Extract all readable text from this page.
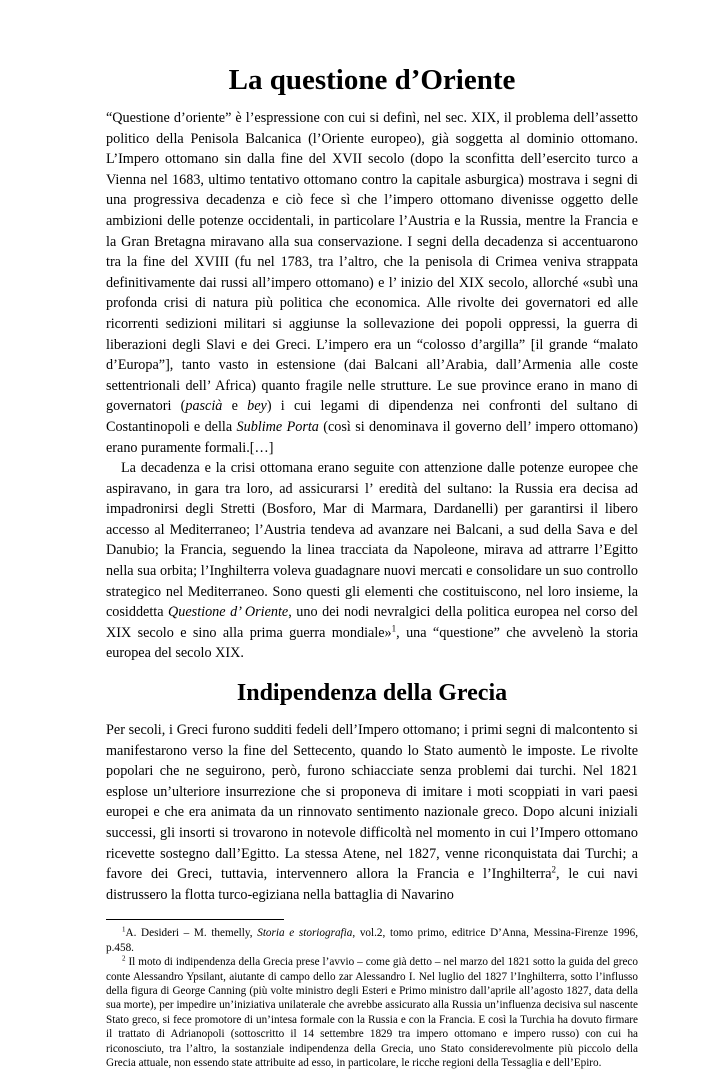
La questione d’Oriente

“Questione d’oriente” è l’espressione con cui si definì, nel sec. XIX, il problema dell’assetto politico della Penisola Balcanica (l’Oriente europeo), già soggetta al dominio ottomano. L’Impero ottomano sin dalla fine del XVII secolo (dopo la sconfitta dell’esercito turco a Vienna nel 1683, ultimo tentativo ottomano contro la capitale asburgica) mostrava i segni di una progressiva decadenza e ciò fece sì che l’impero ottomano divenisse oggetto delle ambizioni delle potenze occidentali, in particolare l’Austria e la Russia, mentre la Francia e la Gran Bretagna miravano alla sua conservazione. I segni della decadenza si accentuarono tra la fine del XVIII (fu nel 1783, tra l’altro, che la penisola di Crimea veniva strappata definitivamente dai russi all’impero ottomano) e l’ inizio del XIX secolo, allorché «subì una profonda crisi di natura più politica che economica. Alle rivolte dei governatori ed alle ricorrenti sedizioni militari si aggiunse la sollevazione dei popoli oppressi, la guerra di liberazioni degli Slavi e dei Greci. L’impero era un “colosso d’argilla” [il grande “malato d’Europa”], tanto vasto in estensione (dai Balcani all’Arabia, dall’Armenia alle coste settentrionali dell’ Africa) quanto fragile nelle strutture. Le sue province erano in mano di governatori (pascià e bey) i cui legami di dipendenza nei confronti del sultano di Costantinopoli e della Sublime Porta (così si denominava il governo dell’ impero ottomano) erano puramente formali.[…]

La decadenza e la crisi ottomana erano seguite con attenzione dalle potenze europee che aspiravano, in gara tra loro, ad assicurarsi l’ eredità del sultano: la Russia era decisa ad impadronirsi degli Stretti (Bosforo, Mar di Marmara, Dardanelli) per garantirsi il libero accesso al Mediterraneo; l’Austria tendeva ad avanzare nei Balcani, a sud della Sava e del Danubio; la Francia, seguendo la linea tracciata da Napoleone, mirava ad attrarre l’Egitto nella sua orbita; l’Inghilterra voleva guadagnare nuovi mercati e consolidare un suo controllo strategico nel Mediterraneo. Sono questi gli elementi che costituiscono, nel loro insieme, la cosiddetta Questione d’ Oriente, uno dei nodi nevralgici della politica europea nel corso del XIX secolo e sino alla prima guerra mondiale»$^1$, una “questione” che avvelenò la storia europea del secolo XIX.

Indipendenza della Grecia

Per secoli, i Greci furono sudditi fedeli dell’Impero ottomano; i primi segni di malcontento si manifestarono verso la fine del Settecento, quando lo Stato aumentò le imposte. Le rivolte popolari che ne seguirono, però, furono schiacciate senza problemi dai turchi. Nel 1821 esplose un’ulteriore insurrezione che si proponeva di imitare i moti scoppiati in vari paesi europei e che era animata da un rinnovato sentimento nazionale greco. Dopo alcuni iniziali successi, gli insorti si trovarono in notevole difficoltà nel momento in cui l’Impero ottomano ricevette sostegno dall’Egitto. La stessa Atene, nel 1827, venne riconquistata dai Turchi; a favore dei Greci, tuttavia, intervennero allora la Francia e l’Inghilterra$^2$, le cui navi distrussero la flotta turco-egiziana nella battaglia di Navarino

$^1$A. Desideri – M. themelly, Storia e storiografia, vol.2, tomo primo, editrice D’Anna, Messina-Firenze 1996, p.458.

$^2$ Il moto di indipendenza della Grecia prese l’avvio – come già detto – nel marzo del 1821 sotto la guida del greco conte Alessandro Ypsilant, aiutante di campo dello zar Alessandro I. Nel luglio del 1827 l’Inghilterra, sotto l’influsso della figura di George Canning (più volte ministro degli Esteri e Primo ministro dall’aprile all’agosto 1827, data della sua morte), per impedire un’iniziativa unilaterale che avrebbe assicurato alla Russia un’influenza decisiva sul nascente Stato greco, si fece promotore di un’intesa formale con la Russia e con la Francia. E così la Turchia ha dovuto firmare il trattato di Adrianopoli (sottoscritto il 14 settembre 1829 tra impero ottomano e impero russo) con cui ha riconosciuto, tra l’altro, la sostanziale indipendenza della Grecia, uno Stato considerevolmente più piccolo della Grecia attuale, non essendo state attribuite ad esso, in particolare, le ricche regioni della Tessaglia e dell’Epiro.
